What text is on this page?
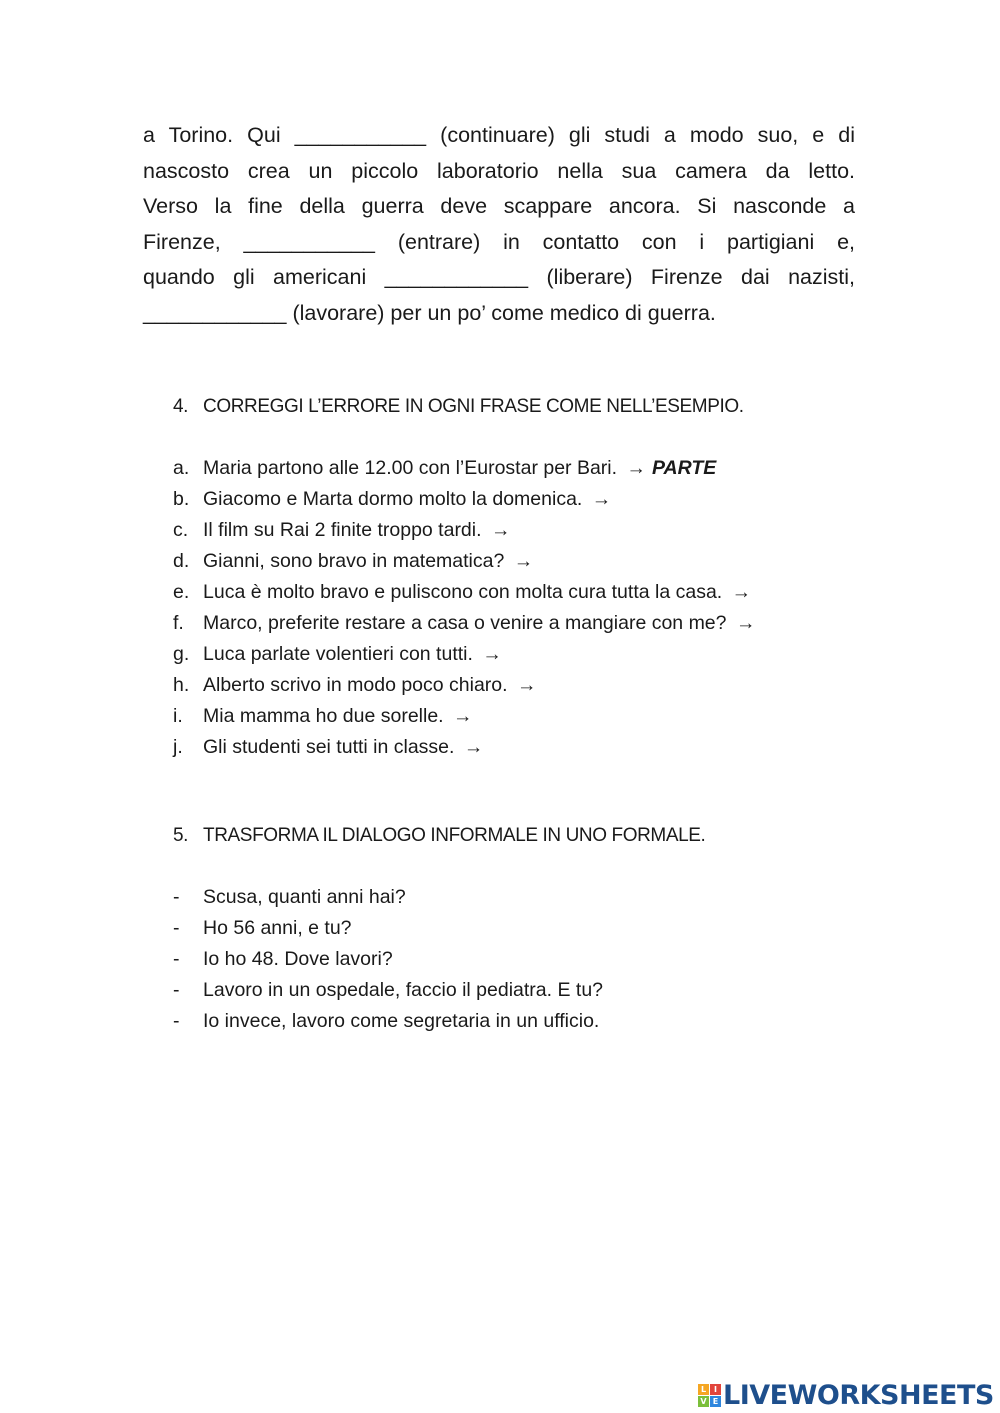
a Torino. Qui ___________ (continuare) gli studi a modo suo, e di
nascosto crea un piccolo laboratorio nella sua camera da letto.
Verso la fine della guerra deve scappare ancora. Si nasconde a
Firenze, ___________ (entrare) in contatto con i partigiani e,
quando gli americani ____________ (liberare) Firenze dai nazisti,
____________ (lavorare) per un po’ come medico di guerra.
4. CORREGGI L’ERRORE IN OGNI FRASE COME NELL’ESEMPIO.
a. Maria partono alle 12.00 con l’Eurostar per Bari. → PARTE
b. Giacomo e Marta dormo molto la domenica. →
c. Il film su Rai 2 finite troppo tardi. →
d. Gianni, sono bravo in matematica? →
e. Luca è molto bravo e puliscono con molta cura tutta la casa. →
f. Marco, preferite restare a casa o venire a mangiare con me? →
g. Luca parlate volentieri con tutti. →
h. Alberto scrivo in modo poco chiaro. →
i. Mia mamma ho due sorelle. →
j. Gli studenti sei tutti in classe. →
5. TRASFORMA IL DIALOGO INFORMALE IN UNO FORMALE.
- Scusa, quanti anni hai?
- Ho 56 anni, e tu?
- Io ho 48. Dove lavori?
- Lavoro in un ospedale, faccio il pediatra. E tu?
- Io invece, lavoro come segretaria in un ufficio.
L I
V E LIVEWORKSHEETS
